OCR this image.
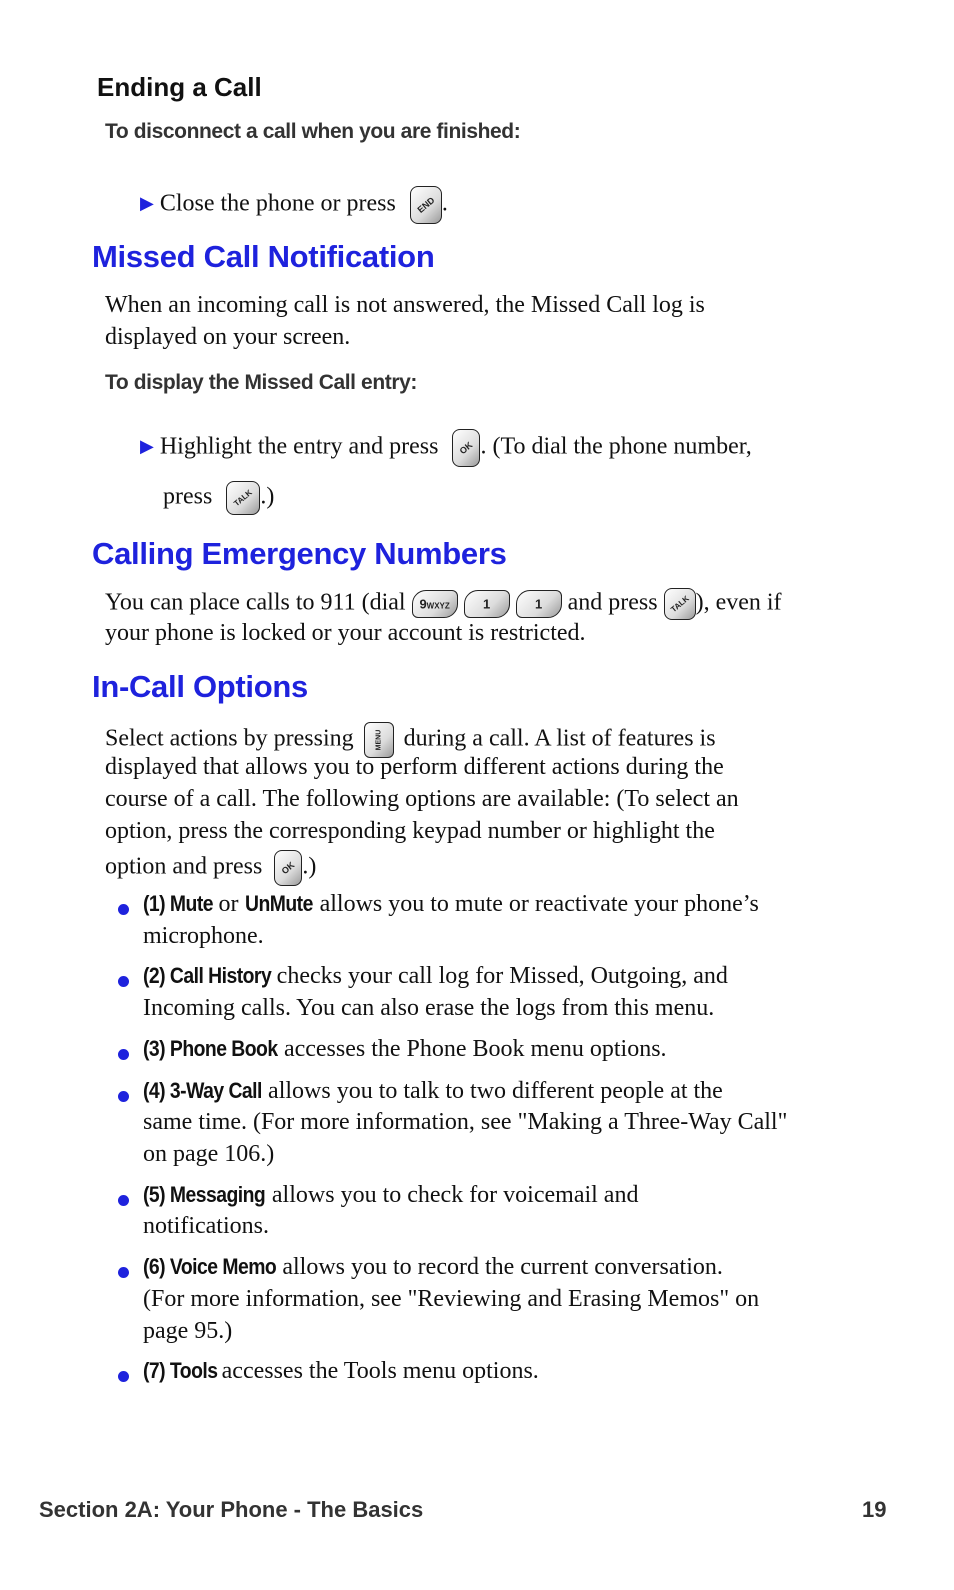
Ending a Call
To disconnect a call when you are finished:
▶ Close the phone or press	END .
Missed Call Notification
When an incoming call is not answered, the Missed Call log is
displayed on your screen.
To display the Missed Call entry:
▶ Highlight the entry and press	OK . (To dial the phone number,
press	TALK .)
Calling Emergency Numbers
You can place calls to 911 (dial	9WXYZ
	1
	1	and press	TALK ), even if
your phone is locked or your account is restricted.
In-Call Options
Select actions by pressing	MENU during a call. A list of features is
displayed that allows you to perform different actions during the
course of a call. The following options are available: (To select an
option, press the corresponding keypad number or highlight the
option and press	OK .)
(1) Mute or UnMute allows you to mute or reactivate your phone’s
microphone.
(2) Call History checks your call log for Missed, Outgoing, and
Incoming calls. You can also erase the logs from this menu.
(3) Phone Book accesses the Phone Book menu options.
(4) 3-Way Call allows you to talk to two different people at the
same time. (For more information, see "Making a Three-Way Call"
on page 106.)
(5) Messaging allows you to check for voicemail and
notifications.
(6) Voice Memo allows you to record the current conversation.
(For more information, see "Reviewing and Erasing Memos" on
page 95.)
(7) Tools accesses the Tools menu options.
Section 2A: Your Phone - The Basics	19
